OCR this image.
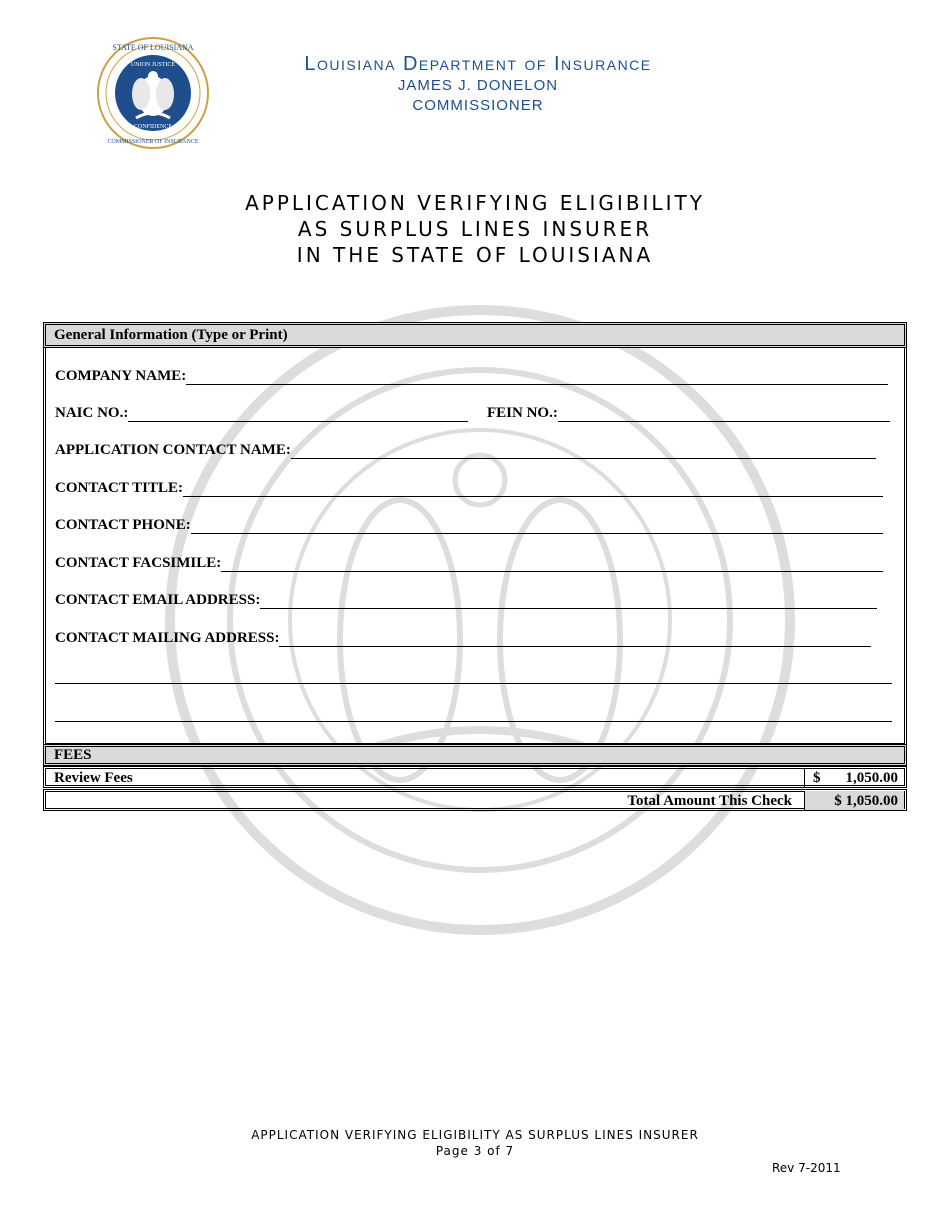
STATE OF LOUISIANA
COMMISSIONER OF INSURANCE
UNION JUSTICE
CONFIDENCE
Louisiana Department of Insurance
JAMES J. DONELON
COMMISSIONER
APPLICATION VERIFYING ELIGIBILITY
AS SURPLUS LINES INSURER
IN THE STATE OF LOUISIANA
General Information (Type or Print)
COMPANY NAME:
NAIC NO.:	FEIN NO.:
APPLICATION CONTACT NAME:
CONTACT TITLE:
CONTACT PHONE:
CONTACT FACSIMILE:
CONTACT EMAIL ADDRESS:
CONTACT MAILING ADDRESS:
FEES
Review Fees	$ 1,050.00
Total Amount This Check	$ 1,050.00
APPLICATION VERIFYING ELIGIBILITY AS SURPLUS LINES INSURER
Page 3 of 7
Rev 7-2011
